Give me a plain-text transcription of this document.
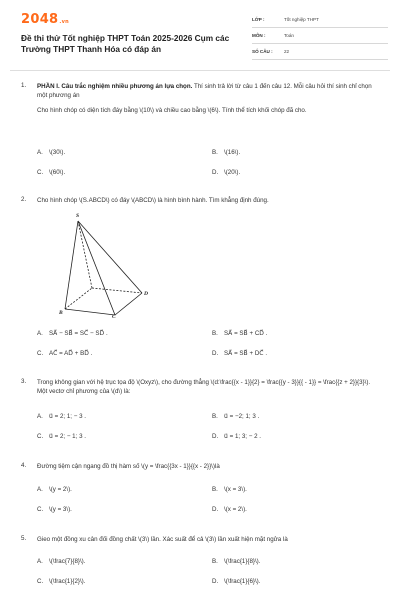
2048.vn
Đề thi thử Tốt nghiệp THPT Toán 2025-2026 Cụm các Trường THPT Thanh Hóa có đáp án
LỚP :	Tốt nghiệp THPT
MÔN :	Toán
SỐ CÂU :	22
1. PHẦN I. Câu trắc nghiệm nhiều phương án lựa chọn. Thí sinh trả lời từ câu 1 đến câu 12. Mỗi câu hỏi thí sinh chỉ chọn một phương án
Cho hình chóp có diện tích đáy bằng \(10\) và chiều cao bằng \(6\). Tính thể tích khối chóp đã cho.
A. \(30\).	B. \(16\).
C. \(60\).	D. \(20\).
2. Cho hình chóp \(S.ABCD\) có đáy \(ABCD\) là hình bình hành. Tìm khẳng định đúng.
S
B
C
D
A. SA⃗ − SB⃗ = SC⃗ − SD⃗ .	B. SA⃗ = SB⃗ + CD⃗ .
C. AC⃗ = AD⃗ + BD⃗ .	D. SA⃗ = SB⃗ + DC⃗ .
3. Trong không gian với hệ trục tọa độ \(Oxyz\), cho đường thẳng \(d:\frac{{x - 1}}{2} = \frac{{y - 3}}{{ - 1}} = \frac{{z + 2}}{3}\). Một vectơ chỉ phương của \(d\) là:
A. u⃗ = 2; 1; − 3 .	B. u⃗ = −2; 1; 3 .
C. u⃗ = 2; − 1; 3 .	D. u⃗ = 1; 3; − 2 .
4. Đường tiệm cận ngang đồ thị hàm số \(y = \frac{{3x - 1}}{{x - 2}}\)là
A. \(y = 2\).	B. \(x = 3\).
C. \(y = 3\).	D. \(x = 2\).
5. Gieo một đồng xu cân đối đồng chất \(3\) lần. Xác suất để cả \(3\) lần xuất hiện mặt ngửa là
A. \(\frac{7}{8}\).	B. \(\frac{1}{8}\).
C. \(\frac{1}{2}\).	D. \(\frac{1}{6}\).
